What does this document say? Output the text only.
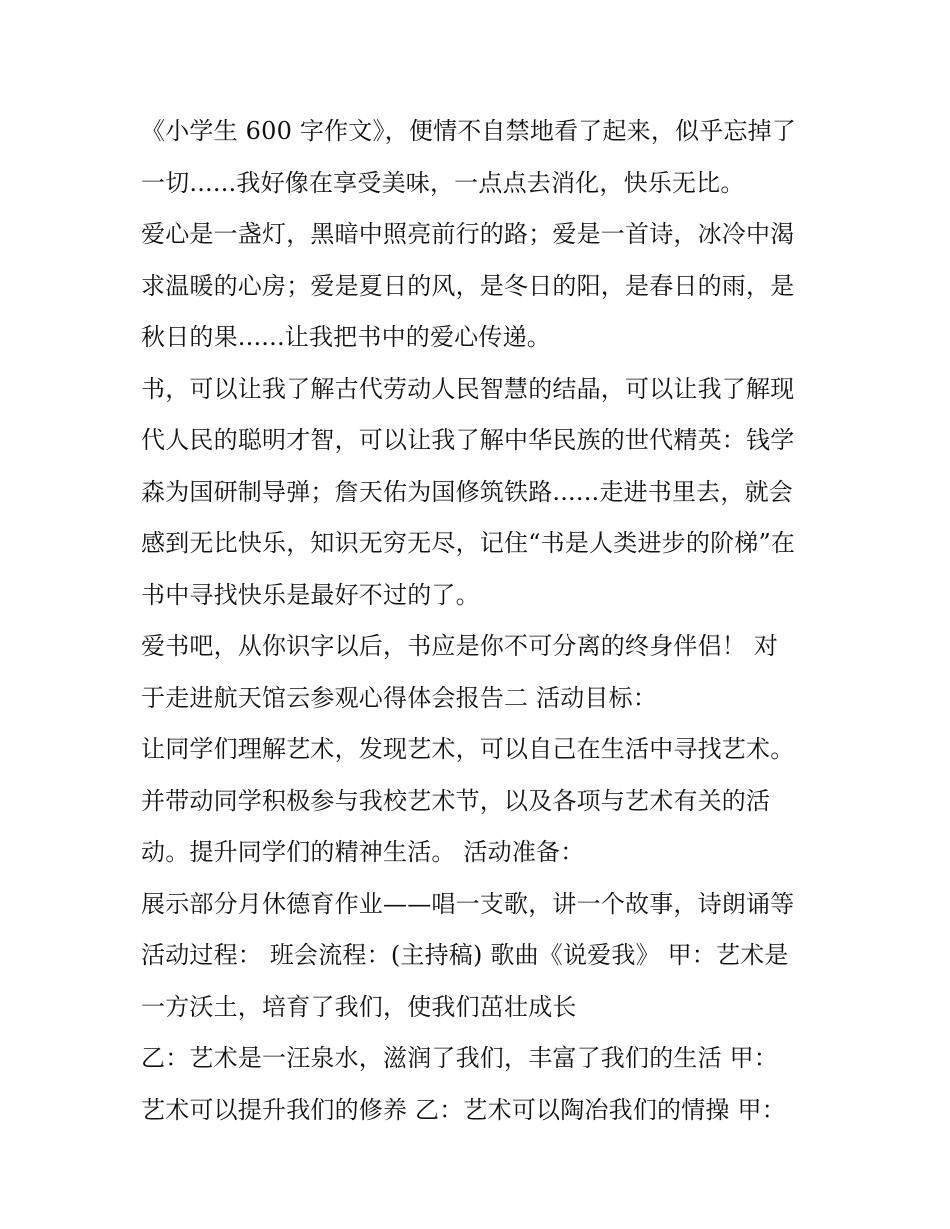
《小学生 600 字作文》，便情不自禁地看了起来，似乎忘掉了
一切......我好像在享受美味，一点点去消化，快乐无比。
爱心是一盏灯，黑暗中照亮前行的路；爱是一首诗，冰冷中渴
求温暖的心房；爱是夏日的风，是冬日的阳，是春日的雨，是
秋日的果......让我把书中的爱心传递。
书，可以让我了解古代劳动人民智慧的结晶，可以让我了解现
代人民的聪明才智，可以让我了解中华民族的世代精英：钱学
森为国研制导弹；詹天佑为国修筑铁路......走进书里去，就会
感到无比快乐，知识无穷无尽，记住“书是人类进步的阶梯”在
书中寻找快乐是最好不过的了。
爱书吧，从你识字以后，书应是你不可分离的终身伴侣！ 对
于走进航天馆云参观心得体会报告二 活动目标：
让同学们理解艺术，发现艺术，可以自己在生活中寻找艺术。
并带动同学积极参与我校艺术节，以及各项与艺术有关的活
动。提升同学们的精神生活。 活动准备：
展示部分月休德育作业——唱一支歌，讲一个故事，诗朗诵等
活动过程： 班会流程：(主持稿) 歌曲《说爱我》 甲：艺术是
一方沃土，培育了我们，使我们茁壮成长
乙：艺术是一汪泉水，滋润了我们，丰富了我们的生活 甲：
艺术可以提升我们的修养 乙：艺术可以陶冶我们的情操 甲：
